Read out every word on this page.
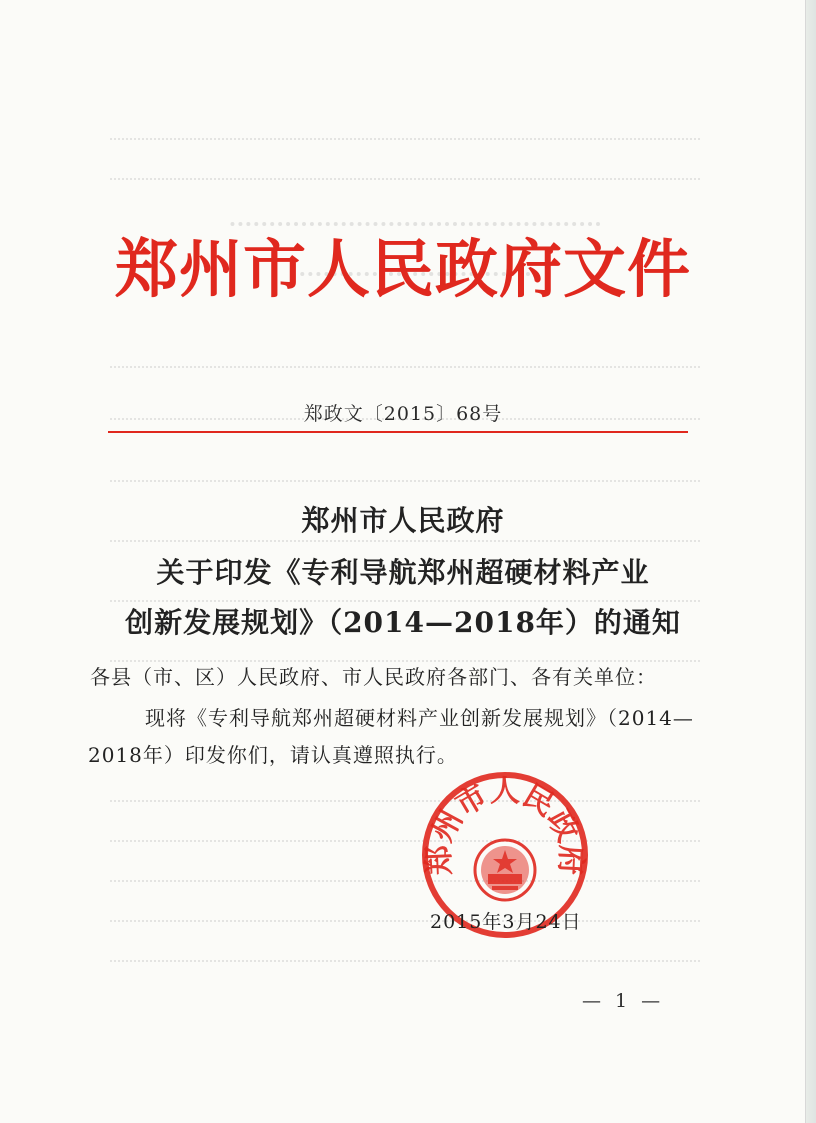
郑州市人民政府文件
郑政文〔2015〕68号
郑州市人民政府
关于印发《专利导航郑州超硬材料产业
创新发展规划》（2014—2018年）的通知
各县（市、区）人民政府、市人民政府各部门、各有关单位：
现将《专利导航郑州超硬材料产业创新发展规划》（2014—
2018年）印发你们，请认真遵照执行。
郑州市人民政府
2015年3月24日
— 1 —
